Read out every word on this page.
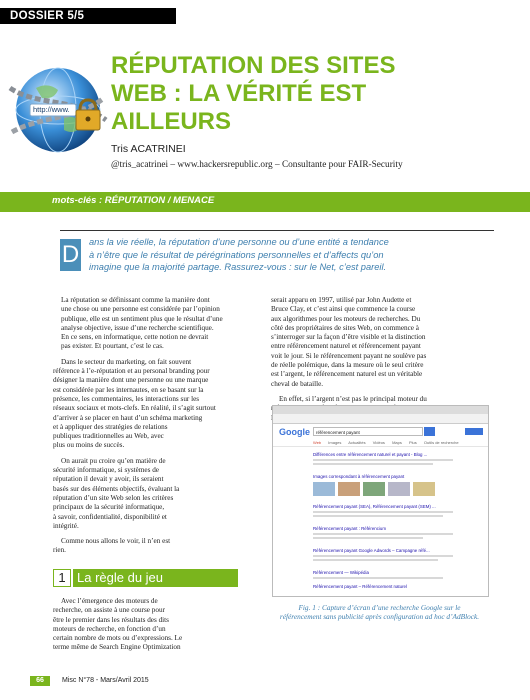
DOSSIER 5/5
http://www.
RÉPUTATION DES SITES
WEB : LA VÉRITÉ EST
AILLEURS
Tris ACATRINEI
@tris_acatrinei – www.hackersrepublic.org – Consultante pour FAIR-Security
mots-clés : RÉPUTATION / MENACE
D ans la vie réelle, la réputation d’une personne ou d’une entité a tendance
à n’être que le résultat de pérégrinations personnelles et d’affects qu’on
imagine que la majorité partage. Rassurez-vous : sur le Net, c’est pareil.
La réputation se définissant comme la manière dont
une chose ou une personne est considérée par l’opinion
publique, elle est un sentiment plus que le résultat d’une
analyse objective, issue d’une recherche scientifique.
En ce sens, en informatique, cette notion ne devrait
pas exister. Et pourtant, c’est le cas.
Dans le secteur du marketing, on fait souvent
référence à l’e-réputation et au personal branding pour
désigner la manière dont une personne ou une marque
est considérée par les internautes, en se basant sur la
présence, les commentaires, les interactions sur les
réseaux sociaux et mots-clefs. En réalité, il s’agit surtout
d’arriver à se placer en haut d’un schéma marketing
et à appliquer des stratégies de relations
publiques traditionnelles au Web, avec
plus ou moins de succès.
On aurait pu croire qu’en matière de
sécurité informatique, si systèmes de
réputation il devait y avoir, ils seraient
basés sur des éléments objectifs, évaluant la
réputation d’un site Web selon les critères
principaux de la sécurité informatique,
à savoir, confidentialité, disponibilité et
intégrité.
Comme nous allons le voir, il n’en est
rien.
1 La règle du jeu
Avec l’émergence des moteurs de
recherche, on assiste à une course pour
être le premier dans les résultats des dits
moteurs de recherche, en fonction d’un
certain nombre de mots ou d’expressions. Le
terme même de Search Engine Optimization
serait apparu en 1997, utilisé par John Audette et
Bruce Clay, et c’est ainsi que commence la course
aux algorithmes pour les moteurs de recherches. Du
côté des propriétaires de sites Web, on commence à
s’interroger sur la façon d’être visible et la distinction
entre référencement naturel et référencement payant
voit le jour. Si le référencement payant ne soulève pas
de réelle polémique, dans la mesure où le seul critère
est l’argent, le référencement naturel est un véritable
cheval de bataille.
En effet, si l’argent n’est pas le principal moteur du
Google	référencement payant
Web Images Actualités Vidéos Maps Plus Outils de recherche
Différences entre référencement naturel et payant - Blog ...
Images correspondant à référencement payant
Référencement payant (SEA), Référencement payant (SEM) ...
Référencement payant : Référencium
Référencement payant Google Adwords – Campagne réfé...
Référencement — Wikipédia
Référencement payant – Référencement naturel
Fig. 1 : Capture d’écran d’une recherche Google sur le
référencement sans publicité après configuration ad hoc d’AdBlock.
66	Misc N°78 - Mars/Avril 2015
